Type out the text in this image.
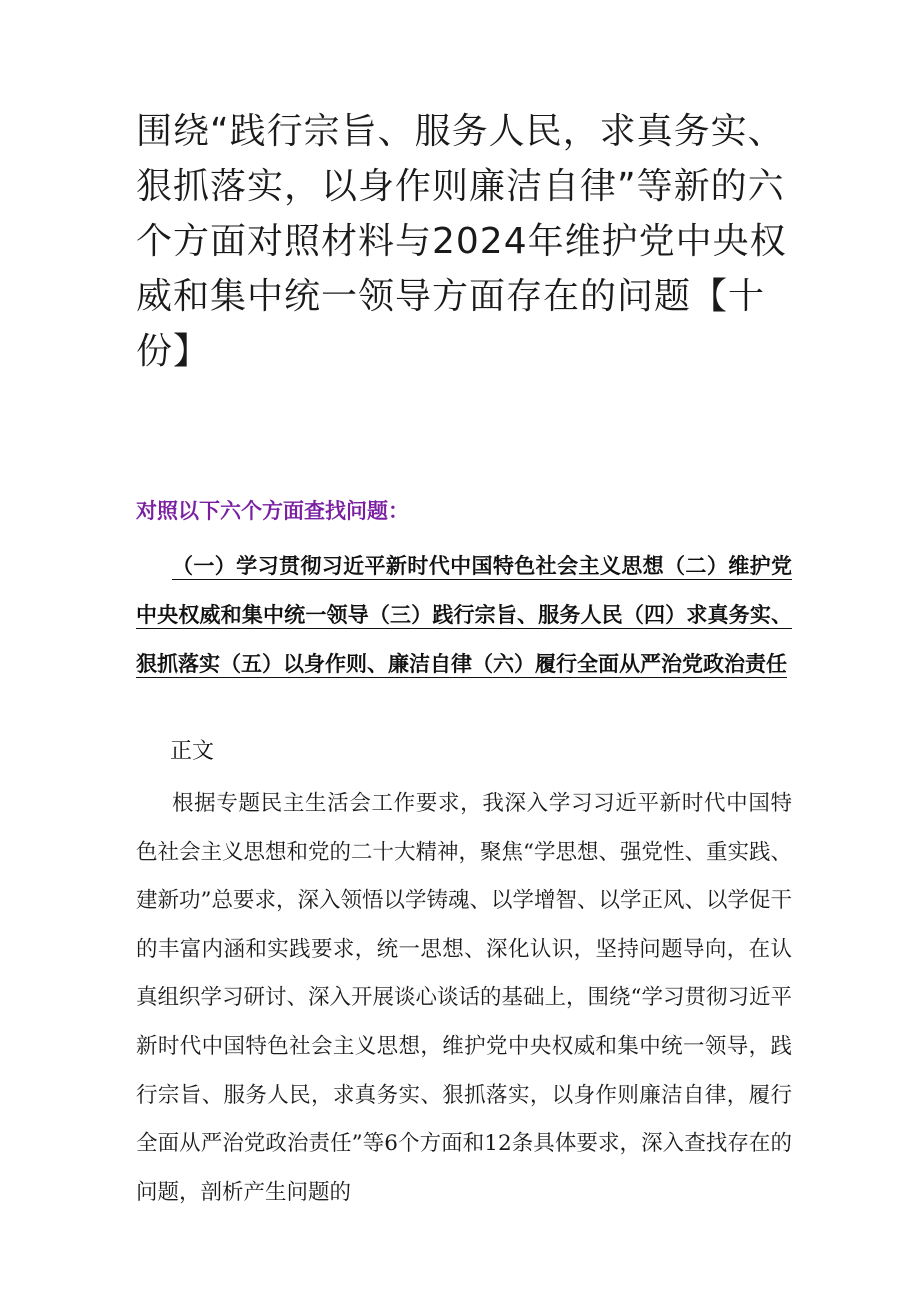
围绕“践行宗旨、服务人民，求真务实、狠抓落实，以身作则廉洁自律”等新的六个方面对照材料与2024年维护党中央权威和集中统一领导方面存在的问题【十份】

对照以下六个方面查找问题：

（一）学习贯彻习近平新时代中国特色社会主义思想（二）维护党中央权威和集中统一领导（三）践行宗旨、服务人民（四）求真务实、狠抓落实（五）以身作则、廉洁自律（六）履行全面从严治党政治责任

正文

根据专题民主生活会工作要求，我深入学习习近平新时代中国特色社会主义思想和党的二十大精神，聚焦“学思想、强党性、重实践、建新功”总要求，深入领悟以学铸魂、以学增智、以学正风、以学促干的丰富内涵和实践要求，统一思想、深化认识，坚持问题导向，在认真组织学习研讨、深入开展谈心谈话的基础上，围绕“学习贯彻习近平新时代中国特色社会主义思想，维护党中央权威和集中统一领导，践行宗旨、服务人民，求真务实、狠抓落实，以身作则廉洁自律，履行全面从严治党政治责任”等6个方面和12条具体要求，深入查找存在的问题，剖析产生问题的
